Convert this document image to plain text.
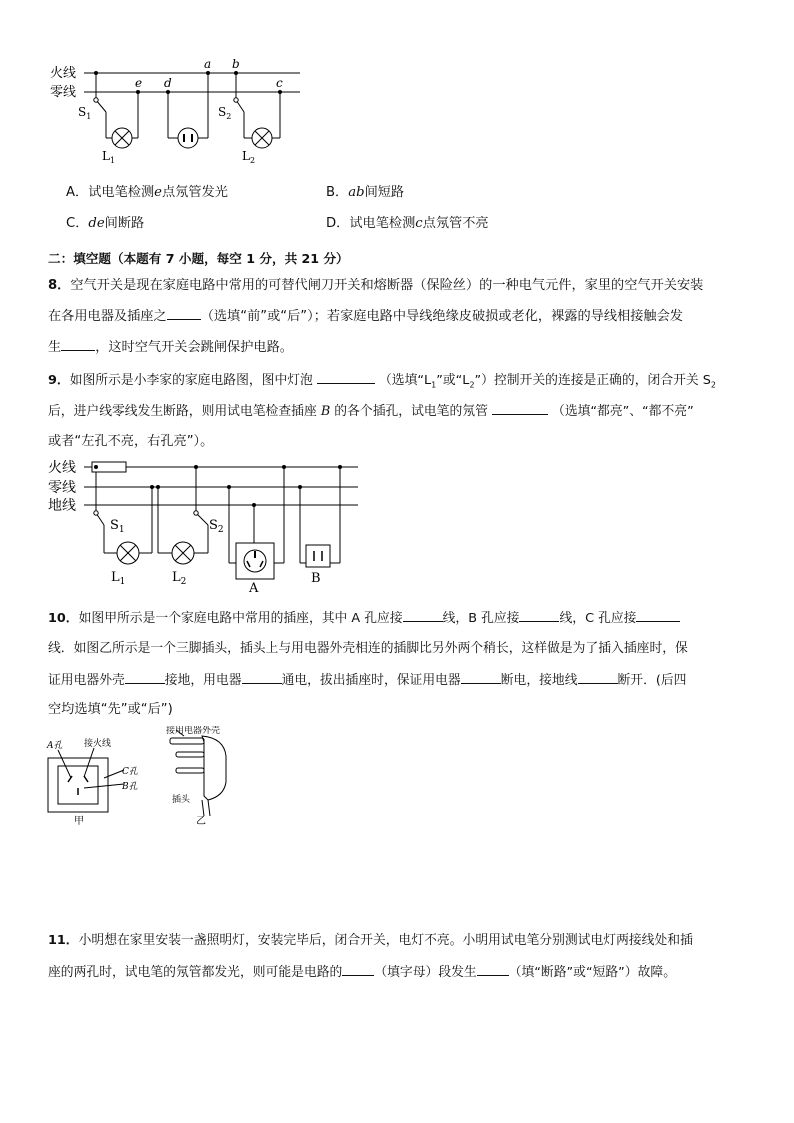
火线
零线
a b
c
d
e
$S_1$	$S_2$
$L_1$	$L_2$
A．试电笔检测e点氖管发光	B．ab间短路
C．de间断路	D．试电笔检测c点氖管不亮
二：填空题（本题有 7 小题，每空 1 分，共 21 分）
8．空气开关是现在家庭电路中常用的可替代闸刀开关和熔断器（保险丝）的一种电气元件，家里的空气开关安装
在各用电器及插座之	（选填“前”或“后”）；若家庭电路中导线绝缘皮破损或老化，裸露的导线相接触会发
生	，这时空气开关会跳闸保护电路。
9．如图所示是小李家的家庭电路图，图中灯泡	（选填“$L_1$”或“$L_2$”）控制开关的连接是正确的，闭合开关 $S_2$
后，进户线零线发生断路，则用试电笔检查插座 B 的各个插孔，试电笔的氖管	（选填“都亮”、“都不亮”
或者“左孔不亮，右孔亮”）。
火线
零线
地线
$S_1$	$S_2$
$L_1$	$L_2$	A
B
10．如图甲所示是一个家庭电路中常用的插座，其中 A 孔应接	线，B 孔应接	线，C 孔应接
线．如图乙所示是一个三脚插头，插头上与用电器外壳相连的插脚比另外两个稍长，这样做是为了插入插座时，保
证用电器外壳	接地，用电器	通电，拔出插座时，保证用电器	断电，接地线	断开．(后四
空均选填“先”或“后”)
A孔 接火线
C孔
B孔
甲
接用电器外壳
插头
乙
11．小明想在家里安装一盏照明灯，安装完毕后，闭合开关，电灯不亮。小明用试电笔分别测试电灯两接线处和插
座的两孔时，试电笔的氖管都发光，则可能是电路的	（填字母）段发生	（填“断路”或“短路”）故障。
